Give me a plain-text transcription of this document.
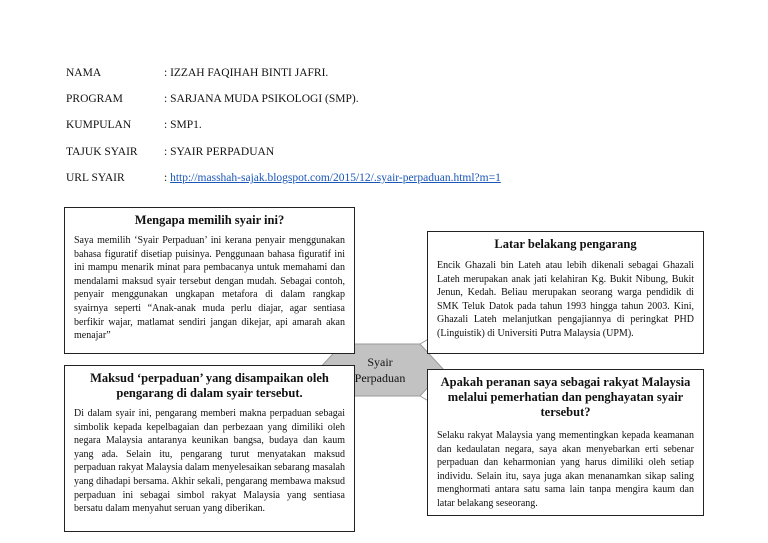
NAMA	: IZZAH FAQIHAH BINTI JAFRI.
PROGRAM	: SARJANA MUDA PSIKOLOGI (SMP).
KUMPULAN	: SMP1.
TAJUK SYAIR : SYAIR PERPADUAN
URL SYAIR	: http://masshah-sajak.blogspot.com/2015/12/.syair-perpaduan.html?m=1
Syair
Perpaduan
Mengapa memilih syair ini?
Saya memilih ‘Syair Perpaduan’ ini kerana penyair menggunakan bahasa figuratif disetiap puisinya. Penggunaan bahasa figuratif ini ini mampu menarik minat para pembacanya untuk memahami dan mendalami maksud syair tersebut dengan mudah. Sebagai contoh, penyair menggunakan ungkapan metafora di dalam rangkap syairnya seperti “Anak-anak muda perlu diajar, agar sentiasa berfikir wajar, matlamat sendiri jangan dikejar, api amarah akan menajar”
Latar belakang pengarang
Encik Ghazali bin Lateh atau lebih dikenali sebagai Ghazali Lateh merupakan anak jati kelahiran Kg. Bukit Nibung, Bukit Jenun, Kedah. Beliau merupakan seorang warga pendidik di SMK Teluk Datok pada tahun 1993 hingga tahun 2003. Kini, Ghazali Lateh melanjutkan pengajiannya di peringkat PHD (Linguistik) di Universiti Putra Malaysia (UPM).
Maksud ‘perpaduan’ yang disampaikan oleh pengarang di dalam syair tersebut.
Di dalam syair ini, pengarang memberi makna perpaduan sebagai simbolik kepada kepelbagaian dan perbezaan yang dimiliki oleh negara Malaysia antaranya keunikan bangsa, budaya dan kaum yang ada. Selain itu, pengarang turut menyatakan maksud perpaduan rakyat Malaysia dalam menyelesaikan sebarang masalah yang dihadapi bersama. Akhir sekali, pengarang membawa maksud perpaduan ini sebagai simbol rakyat Malaysia yang sentiasa bersatu dalam menyahut seruan yang diberikan.
Apakah peranan saya sebagai rakyat Malaysia melalui pemerhatian dan penghayatan syair tersebut?
Selaku rakyat Malaysia yang mementingkan kepada keamanan dan kedaulatan negara, saya akan menyebarkan erti sebenar perpaduan dan keharmonian yang harus dimiliki oleh setiap individu. Selain itu, saya juga akan menanamkan sikap saling menghormati antara satu sama lain tanpa mengira kaum dan latar belakang seseorang.
